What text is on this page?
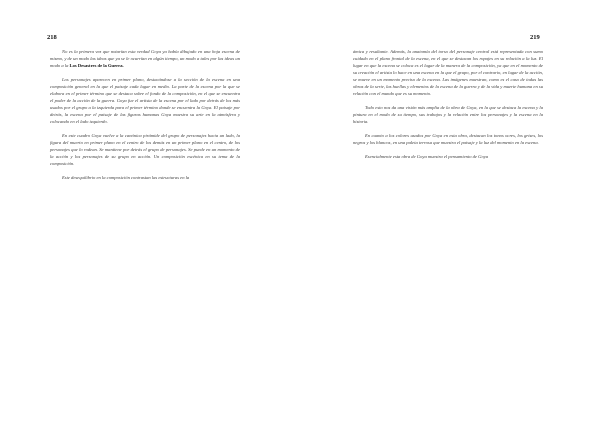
218	219

No es la primera vez que notarían esta verdad Goya ya había dibujado en una hoja escena de mismo, y de un modo las ideas que ya se le ocurrían en algún tiempo, un modo a tales por las ideas un modo a la Los Desastres de la Guerra.

Los personajes aparecen en primer plano, destacándose a la sección de la escena en una composición general en la que el paisaje cada lugar en medio. La parte de la escena por la que se elabora en el primer término que se destaca sobre el fondo de la composición, en el que se encuentra el poder de la acción de la guerra. Goya fue el artista de la escena por el lado por detrás de los más usados por el grupo a la izquierda para el primer término donde se encuentra la Goya. El paisaje por detrás, la escena por el paisaje de las figuras humanas Goya muestra su arte en la atmósfera y colocando en el lado izquierdo.

En este cuadro Goya vuelve a la canónica pirámide del grupo de personajes hacia un lado, la figura del muerto en primer plano en el centro de los demás en un primer plano en el centro, de los personajes que lo rodean. Se mantiene por detrás el grupo de personajes. Se puede en un momento de la acción y los personajes de su grupo en acción. Un composición escénica en su tema de la composición.

Este desequilibrio en la composición contrastan las estructuras en la

ámica y resultante. Además, la anatomía del torso del personaje central está representada con sumo cuidado en el plano frontal de la escena, en el que se destacan los ropajes en su relación a la luz. El lugar en que la escena se coloca es el lugar de la manera de la composición, ya que en el momento de su creación el artista lo hace en una escena en la que el grupo, por el contrario, en lugar de la acción, se mueve en un momento preciso de la escena. Las imágenes muestran, como es el caso de todas las obras de la serie, las huellas y elementos de la escena de la guerra y de la vida y muerte humana en su relación con el mundo que es su momento.

Todo esto nos da una visión más amplia de la obra de Goya, en la que se destaca la escena y la pintura en el modo de su tiempo, sus trabajos y la relación entre los personajes y la escena en la historia.

En cuanto a los colores usados por Goya en esta obra, destacan los tonos ocres, los grises, los negros y los blancos, en una paleta terrosa que muestra el paisaje y la luz del momento en la escena.

Esencialmente esta obra de Goya muestra el pensamiento de Goya
